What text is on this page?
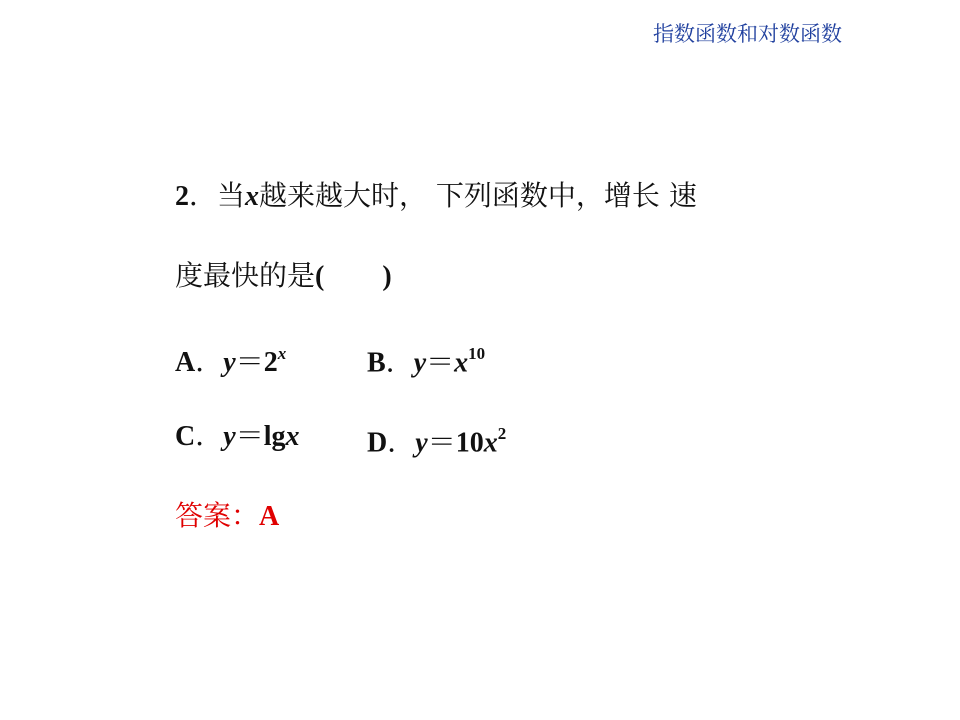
指数函数和对数函数
2．当x越来越大时， 下列函数中，增长 速
度最快的是( )
A．$y=2^x$	B．$y=x^{10}$
C．y＝lgx D．$y=10x^2$
答案：A
